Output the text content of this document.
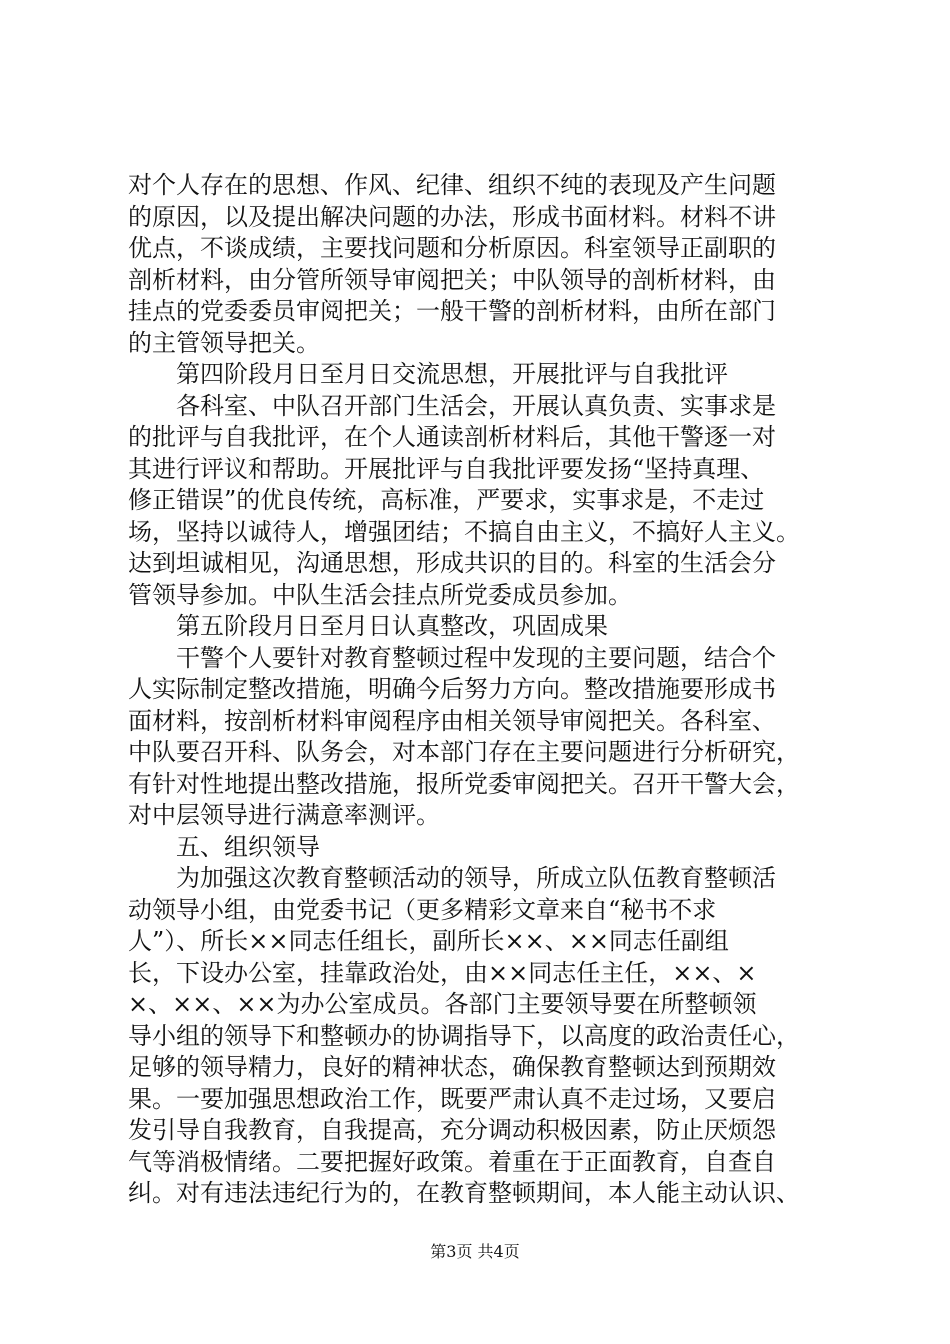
对个人存在的思想、作风、纪律、组织不纯的表现及产生问题
的原因，以及提出解决问题的办法，形成书面材料。材料不讲
优点，不谈成绩，主要找问题和分析原因。科室领导正副职的
剖析材料，由分管所领导审阅把关；中队领导的剖析材料，由
挂点的党委委员审阅把关；一般干警的剖析材料，由所在部门
的主管领导把关。
第四阶段月日至月日交流思想，开展批评与自我批评
各科室、中队召开部门生活会，开展认真负责、实事求是
的批评与自我批评，在个人通读剖析材料后，其他干警逐一对
其进行评议和帮助。开展批评与自我批评要发扬“坚持真理、
修正错误”的优良传统，高标准，严要求，实事求是，不走过
场，坚持以诚待人，增强团结；不搞自由主义，不搞好人主义。
达到坦诚相见，沟通思想，形成共识的目的。科室的生活会分
管领导参加。中队生活会挂点所党委成员参加。
第五阶段月日至月日认真整改，巩固成果
干警个人要针对教育整顿过程中发现的主要问题，结合个
人实际制定整改措施，明确今后努力方向。整改措施要形成书
面材料，按剖析材料审阅程序由相关领导审阅把关。各科室、
中队要召开科、队务会，对本部门存在主要问题进行分析研究，
有针对性地提出整改措施，报所党委审阅把关。召开干警大会，
对中层领导进行满意率测评。
五、组织领导
为加强这次教育整顿活动的领导，所成立队伍教育整顿活
动领导小组，由党委书记（更多精彩文章来自“秘书不求
人”）、所长××同志任组长，副所长××、××同志任副组
长，下设办公室，挂靠政治处，由××同志任主任，××、×
×、××、××为办公室成员。各部门主要领导要在所整顿领
导小组的领导下和整顿办的协调指导下，以高度的政治责任心，
足够的领导精力，良好的精神状态，确保教育整顿达到预期效
果。一要加强思想政治工作，既要严肃认真不走过场，又要启
发引导自我教育，自我提高，充分调动积极因素，防止厌烦怨
气等消极情绪。二要把握好政策。着重在于正面教育，自查自
纠。对有违法违纪行为的，在教育整顿期间，本人能主动认识、
第3页 共4页
